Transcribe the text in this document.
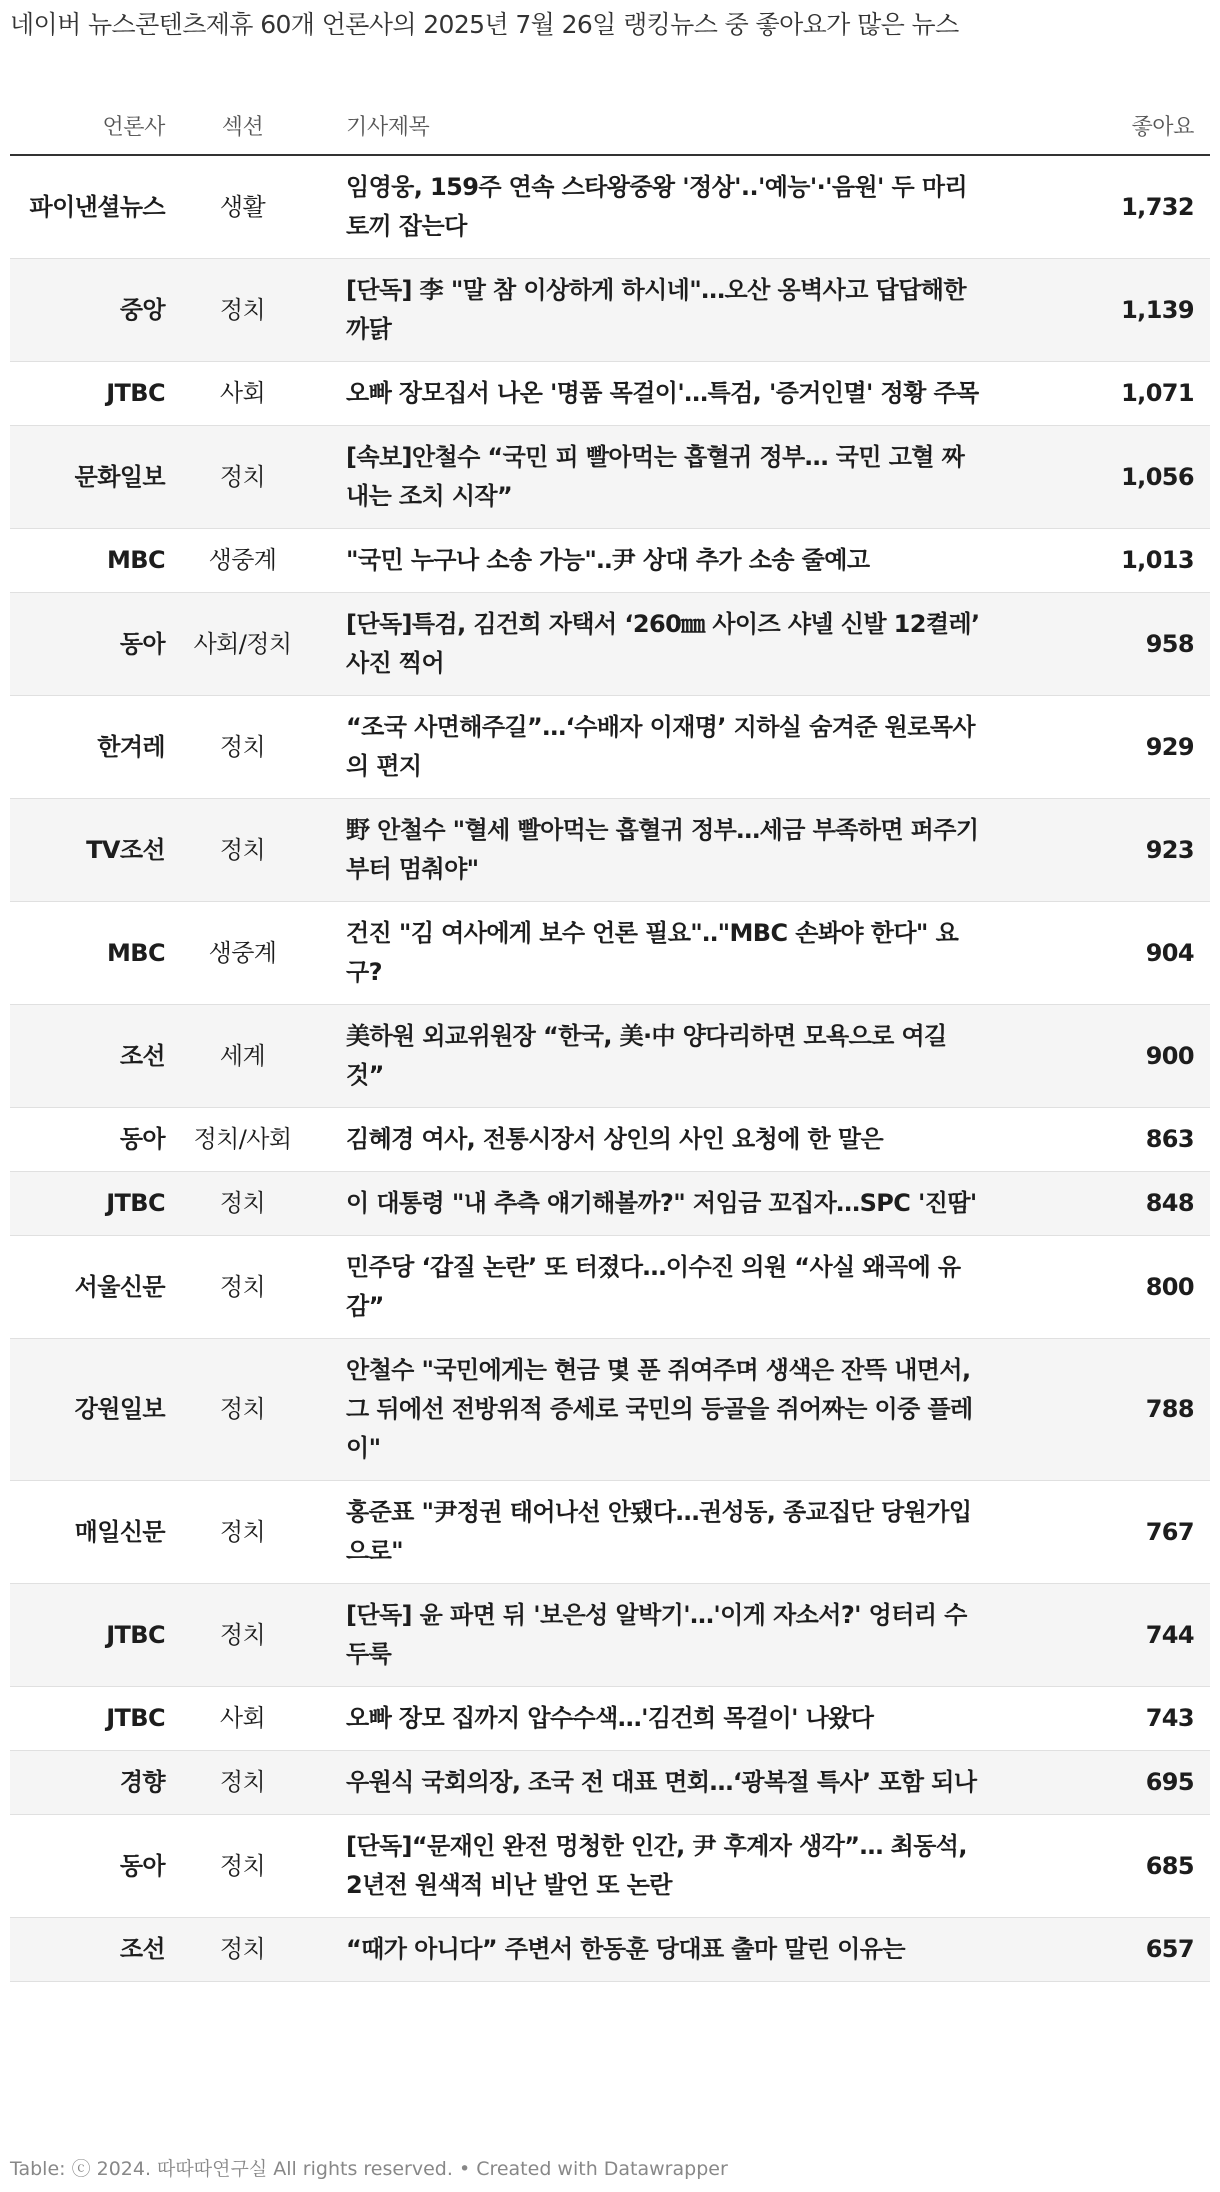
네이버 뉴스콘텐츠제휴 60개 언론사의 2025년 7월 26일 랭킹뉴스 중 좋아요가 많은 뉴스
언론사	섹션	기사제목	좋아요
파이낸셜뉴스	생활	임영웅, 159주 연속 스타왕중왕 '정상'..'예능'·'음원' 두 마리 토끼 잡는다	1,732
중앙	정치	[단독] 李 "말 참 이상하게 하시네"…오산 옹벽사고 답답해한 까닭	1,139
JTBC	사회	오빠 장모집서 나온 '명품 목걸이'…특검, '증거인멸' 정황 주목	1,071
문화일보	정치	[속보]안철수 “국민 피 빨아먹는 흡혈귀 정부… 국민 고혈 짜내는 조치 시작”	1,056
MBC	생중계	"국민 누구나 소송 가능"‥尹 상대 추가 소송 줄예고	1,013
동아	사회/정치	[단독]특검, 김건희 자택서 ‘260㎜ 사이즈 샤넬 신발 12켤레’ 사진 찍어	958
한겨레	정치	“조국 사면해주길”…‘수배자 이재명’ 지하실 숨겨준 원로목사의 편지	929
TV조선	정치	野 안철수 "혈세 빨아먹는 흡혈귀 정부…세금 부족하면 퍼주기부터 멈춰야"	923
MBC	생중계	건진 "김 여사에게 보수 언론 필요"‥"MBC 손봐야 한다" 요구?	904
조선	세계	美하원 외교위원장 “한국, 美·中 양다리하면 모욕으로 여길 것”	900
동아	정치/사회	김혜경 여사, 전통시장서 상인의 사인 요청에 한 말은	863
JTBC	정치	이 대통령 "내 추측 얘기해볼까?" 저임금 꼬집자…SPC '진땀'	848
서울신문	정치	민주당 ‘갑질 논란’ 또 터졌다…이수진 의원 “사실 왜곡에 유감”	800
강원일보	정치	안철수 "국민에게는 현금 몇 푼 쥐여주며 생색은 잔뜩 내면서, 그 뒤에선 전방위적 증세로 국민의 등골을 쥐어짜는 이중 플레이"	788
매일신문	정치	홍준표 "尹정권 태어나선 안됐다…권성동, 종교집단 당원가입으로"	767
JTBC	정치	[단독] 윤 파면 뒤 '보은성 알박기'…'이게 자소서?' 엉터리 수두룩	744
JTBC	사회	오빠 장모 집까지 압수수색…'김건희 목걸이' 나왔다	743
경향	정치	우원식 국회의장, 조국 전 대표 면회…‘광복절 특사’ 포함 되나	695
동아	정치	[단독]“문재인 완전 멍청한 인간, 尹 후계자 생각”… 최동석, 2년전 원색적 비난 발언 또 논란	685
조선	정치	“때가 아니다” 주변서 한동훈 당대표 출마 말린 이유는	657
Table: ⓒ 2024. 따따따연구실 All rights reserved. • Created with Datawrapper
